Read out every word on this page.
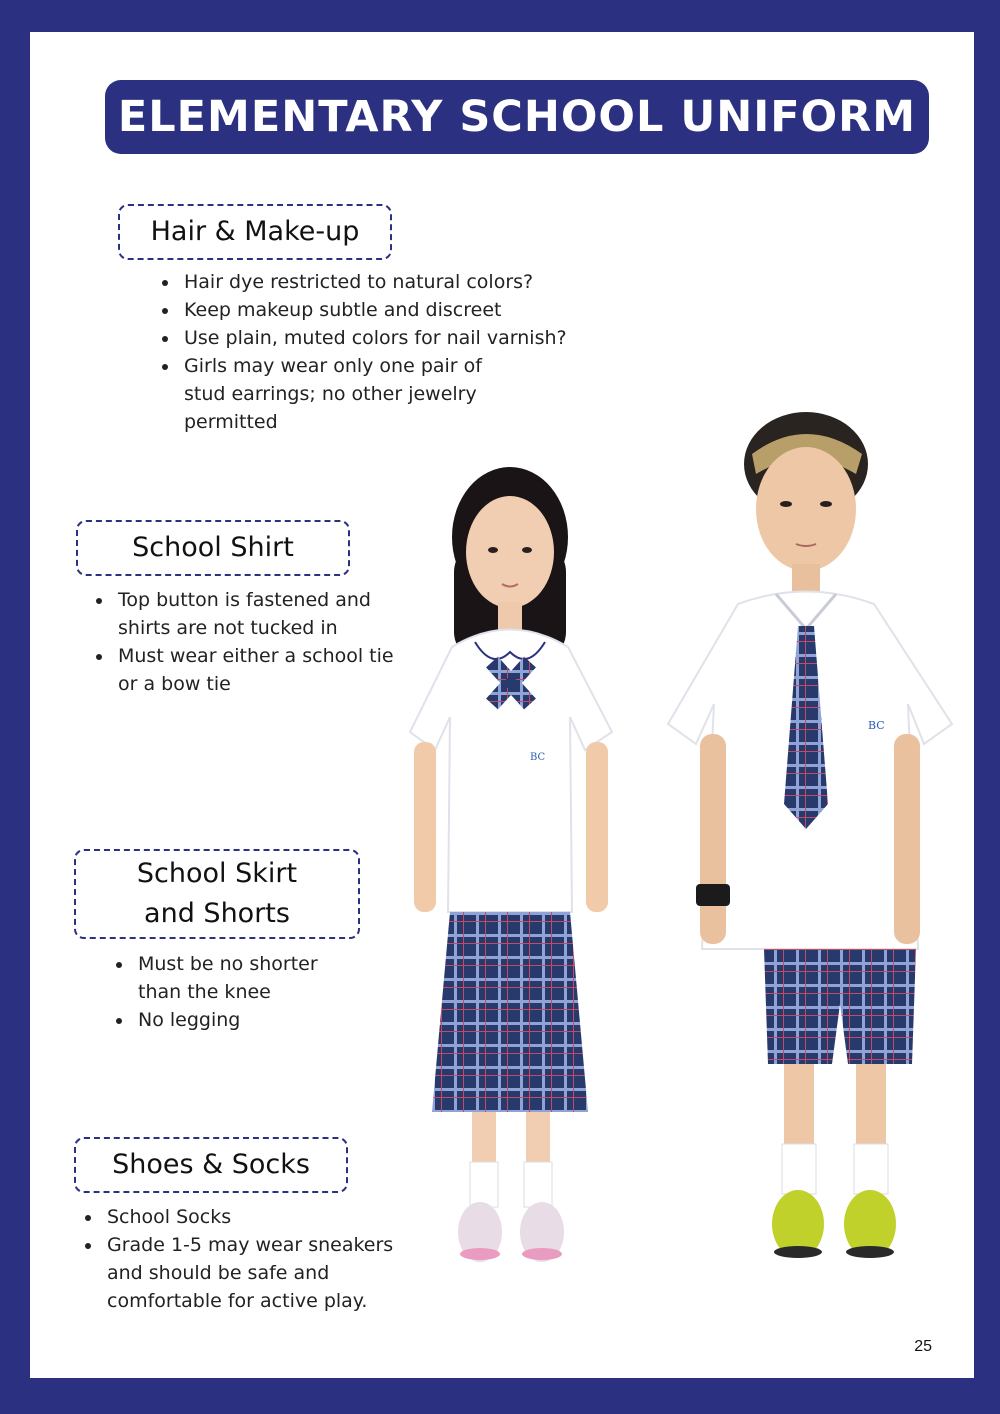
ELEMENTARY SCHOOL UNIFORM
Hair & Make-up
• Hair dye restricted to natural colors?
• Keep makeup subtle and discreet
• Use plain, muted colors for nail varnish?
• Girls may wear only one pair of stud earrings; no other jewelry permitted
School Shirt
• Top button is fastened and shirts are not tucked in
• Must wear either a school tie or a bow tie
School Skirt
and Shorts
• Must be no shorter than the knee
• No legging
Shoes & Socks
• School Socks
• Grade 1-5 may wear sneakers and should be safe and comfortable for active play.
BC
BC
25
